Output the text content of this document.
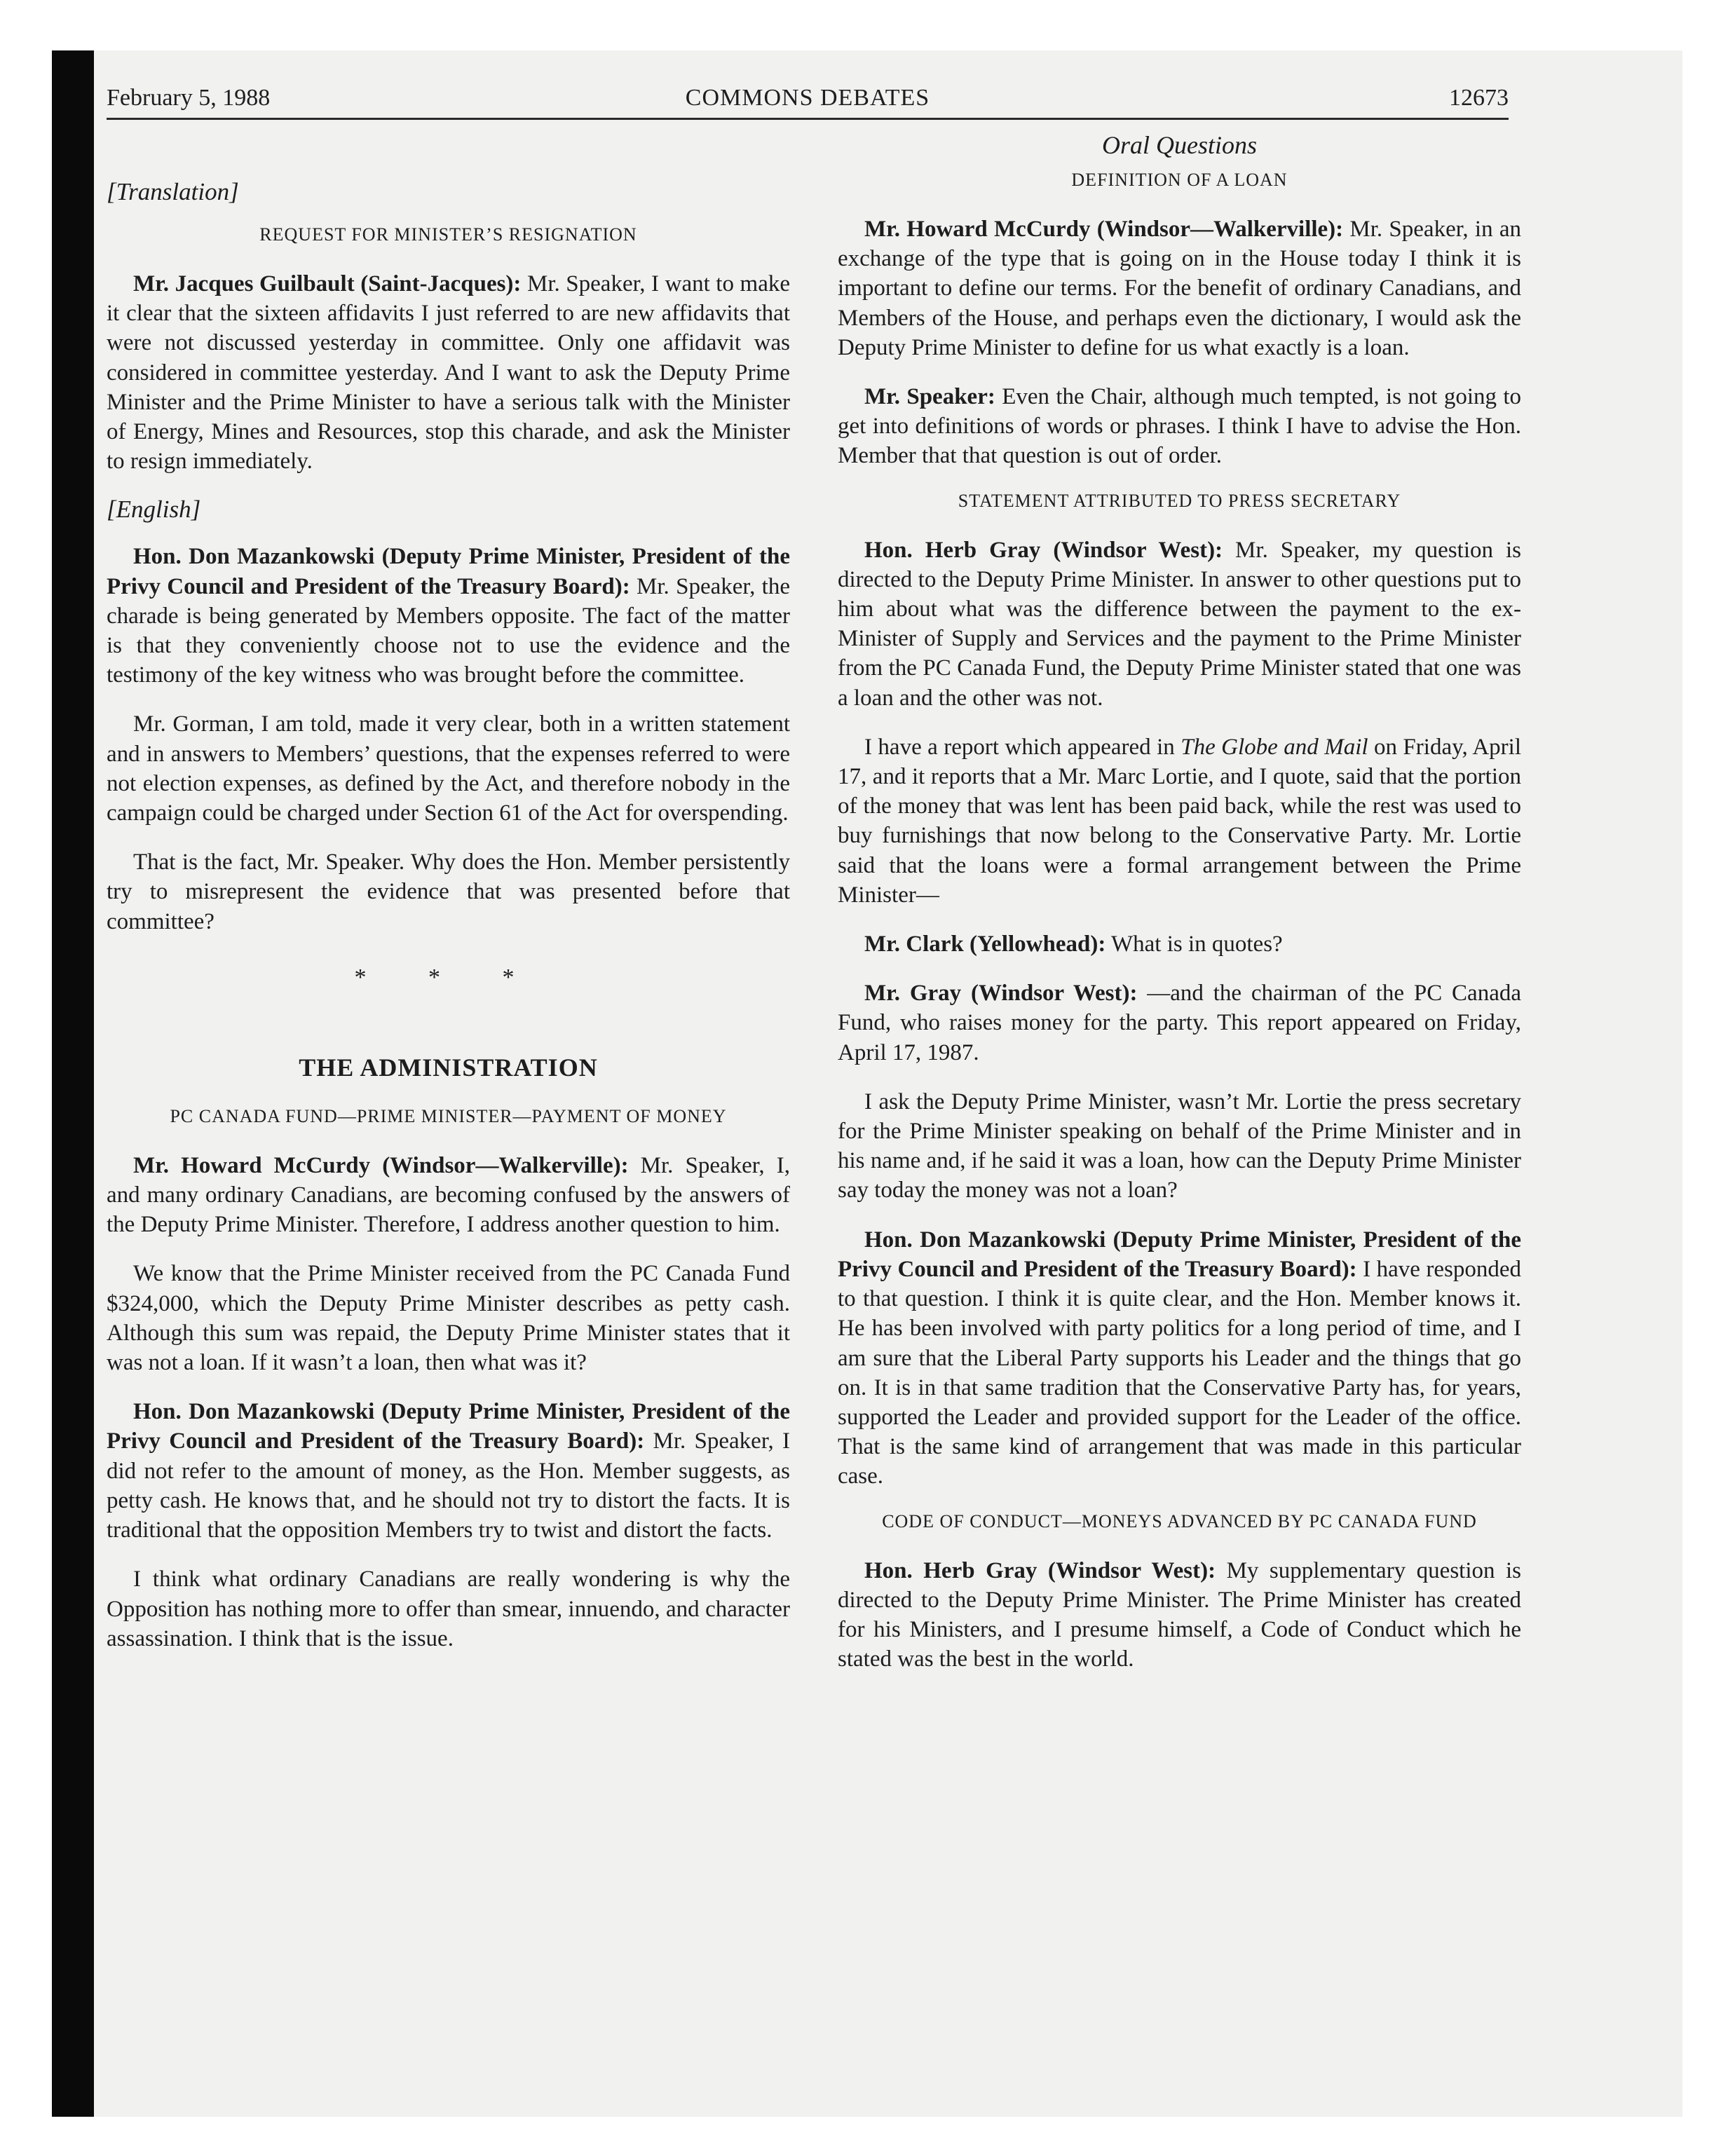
February 5, 1988	COMMONS DEBATES	12673
[Translation]
REQUEST FOR MINISTER’S RESIGNATION

Mr. Jacques Guilbault (Saint-Jacques): Mr. Speaker, I want to make it clear that the sixteen affidavits I just referred to are new affidavits that were not discussed yesterday in committee. Only one affidavit was considered in committee yesterday. And I want to ask the Deputy Prime Minister and the Prime Minister to have a serious talk with the Minister of Energy, Mines and Resources, stop this charade, and ask the Minister to resign immediately.

[English]

Hon. Don Mazankowski (Deputy Prime Minister, President of the Privy Council and President of the Treasury Board): Mr. Speaker, the charade is being generated by Members opposite. The fact of the matter is that they conveniently choose not to use the evidence and the testimony of the key witness who was brought before the committee.

Mr. Gorman, I am told, made it very clear, both in a written statement and in answers to Members’ questions, that the expenses referred to were not election expenses, as defined by the Act, and therefore nobody in the campaign could be charged under Section 61 of the Act for overspending.

That is the fact, Mr. Speaker. Why does the Hon. Member persistently try to misrepresent the evidence that was presented before that committee?

* * *
THE ADMINISTRATION
PC CANADA FUND—PRIME MINISTER—PAYMENT OF MONEY

Mr. Howard McCurdy (Windsor—Walkerville): Mr. Speaker, I, and many ordinary Canadians, are becoming confused by the answers of the Deputy Prime Minister. Therefore, I address another question to him.

We know that the Prime Minister received from the PC Canada Fund $324,000, which the Deputy Prime Minister describes as petty cash. Although this sum was repaid, the Deputy Prime Minister states that it was not a loan. If it wasn’t a loan, then what was it?

Hon. Don Mazankowski (Deputy Prime Minister, President of the Privy Council and President of the Treasury Board): Mr. Speaker, I did not refer to the amount of money, as the Hon. Member suggests, as petty cash. He knows that, and he should not try to distort the facts. It is traditional that the opposition Members try to twist and distort the facts.

I think what ordinary Canadians are really wondering is why the Opposition has nothing more to offer than smear, innuendo, and character assassination. I think that is the issue.

Oral Questions
DEFINITION OF A LOAN

Mr. Howard McCurdy (Windsor—Walkerville): Mr. Speaker, in an exchange of the type that is going on in the House today I think it is important to define our terms. For the benefit of ordinary Canadians, and Members of the House, and perhaps even the dictionary, I would ask the Deputy Prime Minister to define for us what exactly is a loan.

Mr. Speaker: Even the Chair, although much tempted, is not going to get into definitions of words or phrases. I think I have to advise the Hon. Member that that question is out of order.

STATEMENT ATTRIBUTED TO PRESS SECRETARY

Hon. Herb Gray (Windsor West): Mr. Speaker, my question is directed to the Deputy Prime Minister. In answer to other questions put to him about what was the difference between the payment to the ex-Minister of Supply and Services and the payment to the Prime Minister from the PC Canada Fund, the Deputy Prime Minister stated that one was a loan and the other was not.

I have a report which appeared in The Globe and Mail on Friday, April 17, and it reports that a Mr. Marc Lortie, and I quote, said that the portion of the money that was lent has been paid back, while the rest was used to buy furnishings that now belong to the Conservative Party. Mr. Lortie said that the loans were a formal arrangement between the Prime Minister—

Mr. Clark (Yellowhead): What is in quotes?

Mr. Gray (Windsor West): —and the chairman of the PC Canada Fund, who raises money for the party. This report appeared on Friday, April 17, 1987.

I ask the Deputy Prime Minister, wasn’t Mr. Lortie the press secretary for the Prime Minister speaking on behalf of the Prime Minister and in his name and, if he said it was a loan, how can the Deputy Prime Minister say today the money was not a loan?

Hon. Don Mazankowski (Deputy Prime Minister, President of the Privy Council and President of the Treasury Board): I have responded to that question. I think it is quite clear, and the Hon. Member knows it. He has been involved with party politics for a long period of time, and I am sure that the Liberal Party supports his Leader and the things that go on. It is in that same tradition that the Conservative Party has, for years, supported the Leader and provided support for the Leader of the office. That is the same kind of arrangement that was made in this particular case.

CODE OF CONDUCT—MONEYS ADVANCED BY PC CANADA FUND

Hon. Herb Gray (Windsor West): My supplementary question is directed to the Deputy Prime Minister. The Prime Minister has created for his Ministers, and I presume himself, a Code of Conduct which he stated was the best in the world.
